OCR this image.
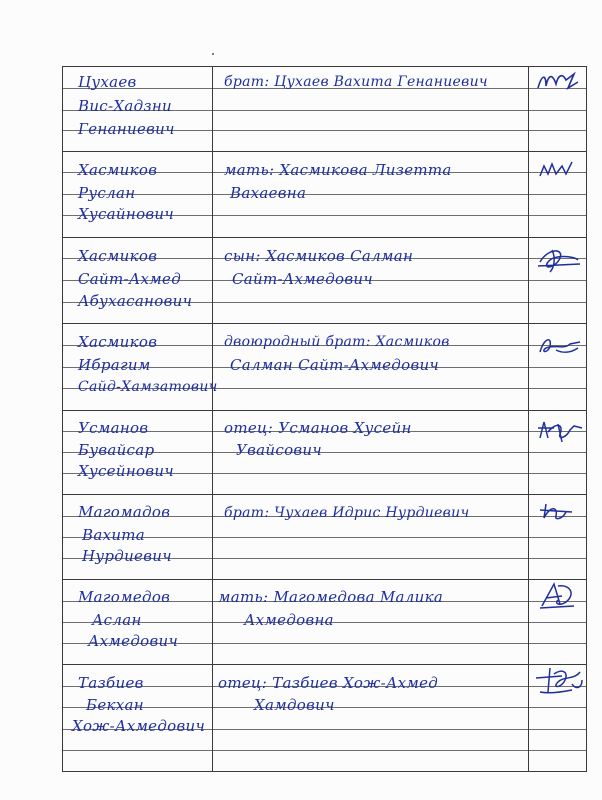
Цухаев
Вис-Хадзни
Генаниевич
брат: Цухаев Вахита Генаниевич
Хасмиков
Руслан
Хусайнович
мать: Хасмикова Лизетта
Вахаевна
Хасмиков
Сайт-Ахмед
Абухасанович
сын: Хасмиков Салман
Сайт-Ахмедович
Хасмиков
Ибрагим
Сайд-Хамзатович
двоюродный брат: Хасмиков
Салман Сайт-Ахмедович
Усманов
Бувайсар
Хусейнович
отец: Усманов Хусейн
Увайсович
Магомадов
Вахита
Нурдиевич
брат: Чухаев Идрис Нурдиевич
Магомедов
Аслан
Ахмедович
мать: Магомедова Малика
Ахмедовна
Тазбиев
Бекхан
Хож-Ахмедович
отец: Тазбиев Хож-Ахмед
Хамдович
